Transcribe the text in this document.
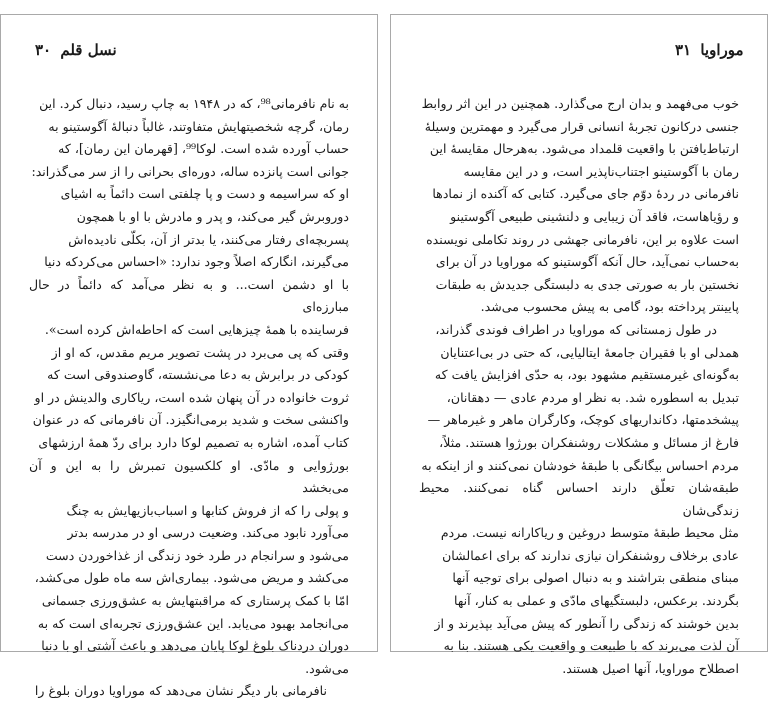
۳۰ نسل قلم

به نام نافرمانی⁹⁸، که در ۱۹۴۸ به چاپ رسید، دنبال کرد. این

رمان، گرچه شخصیتهایش متفاوتند، غالباً دنبالهٔ آگوستینو به

حساب آورده شده است. لوکا⁹⁹، [قهرمان این رمان]، که

جوانی است پانزده ساله، دوره‌ای بحرانی را از سر می‌گذراند:

او که سراسیمه و دست و پا چلفتی است دائماً به اشیای

دوروبرش گیر می‌کند، و پدر و مادرش با او با همچون

پسربچه‌ای رفتار می‌کنند، یا بدتر از آن، بکلّی نادیده‌اش

می‌گیرند، انگارکه اصلاً وجود ندارد: «احساس می‌کردکه دنیا

با او دشمن است... و به نظر می‌آمد که دائماً در حال مبارزه‌ای

فرساینده با همهٔ چیزهایی است که احاطه‌اش کرده است».

وقتی که پی می‌برد در پشت تصویر مریم مقدس، که او از

کودکی در برابرش به دعا می‌نشسته، گاوصندوقی است که

ثروت خانواده در آن پنهان شده است، ریاکاری والدینش در او

واکنشی سخت و شدید برمی‌انگیزد. آن نافرمانی که در عنوان

کتاب آمده، اشاره به تصمیم لوکا دارد برای ردّ همهٔ ارزشهای

بورژوایی و مادّی. او کلکسیون تمبرش را به این و آن می‌بخشد

و پولی را که از فروش کتابها و اسباب‌بازیهایش به چنگ

می‌آورد نابود می‌کند. وضعیت درسی او در مدرسه بدتر

می‌شود و سرانجام در طرد خود زندگی از غذاخوردن دست

می‌کشد و مریض می‌شود. بیماری‌اش سه ماه طول می‌کشد،

امّا با کمک پرستاری که مراقبتهایش به عشق‌ورزی جسمانی

می‌انجامد بهبود می‌یابد. این عشق‌ورزی تجربه‌ای است که به

دوران دردناک بلوغ لوکا پایان می‌دهد و باعث آشتی او با دنیا

می‌شود.

نافرمانی بار دیگر نشان می‌دهد که موراویا دوران بلوغ را

موراویا ۳۱

خوب می‌فهمد و بدان ارج می‌گذارد. همچنین در این اثر روابط

جنسی درکانون تجربهٔ انسانی قرار می‌گیرد و مهمترین وسیلهٔ

ارتباط‌یافتن با واقعیت قلمداد می‌شود. به‌هرحال مقایسهٔ این

رمان با آگوستینو اجتناب‌ناپذیر است، و در این مقایسه

نافرمانی در ردهٔ دوّم جای می‌گیرد. کتابی که آکنده از نمادها

و رؤیاهاست، فاقد آن زیبایی و دلنشینی طبیعی آگوستینو

است علاوه بر این، نافرمانی جهشی در روند تکاملی نویسنده

به‌حساب نمی‌آید، حال آنکه آگوستینو که موراویا در آن برای

نخستین بار به صورتی جدی به دلبستگی جدیدش به طبقات

پایینتر پرداخته بود، گامی به پیش محسوب می‌شد.

در طول زمستانی که موراویا در اطراف فوندی گذراند،

همدلی او با فقیران جامعهٔ ایتالیایی، که حتی در بی‌اعتنایان

به‌گونه‌ای غیرمستقیم مشهود بود، به حدّی افزایش یافت که

تبدیل به اسطوره شد. به نظر او مردم عادی — دهقانان،

پیشخدمتها، دکانداریهای کوچک، وکارگران ماهر و غیرماهر —

فارغ از مسائل و مشکلات روشنفکران بورژوا هستند. مثلاً،

مردم احساس بیگانگی با طبقهٔ خودشان نمی‌کنند و از اینکه به

طبقه‌شان تعلّق دارند احساس گناه نمی‌کنند. محیط زندگی‌شان

مثل محیط طبقهٔ متوسط دروغین و ریاکارانه نیست. مردم

عادی برخلاف روشنفکران نیازی ندارند که برای اعمالشان

مبنای منطقی بتراشند و به دنبال اصولی برای توجیه آنها

بگردند. برعکس، دلبستگیهای مادّی و عملی به کنار، آنها

بدین خوشند که زندگی را آنطور که پیش می‌آید بپذیرند و از

آن لذت می‌برند که با طبیعت و واقعیت یکی هستند. بنا به

اصطلاح موراویا، آنها اصیل هستند.
